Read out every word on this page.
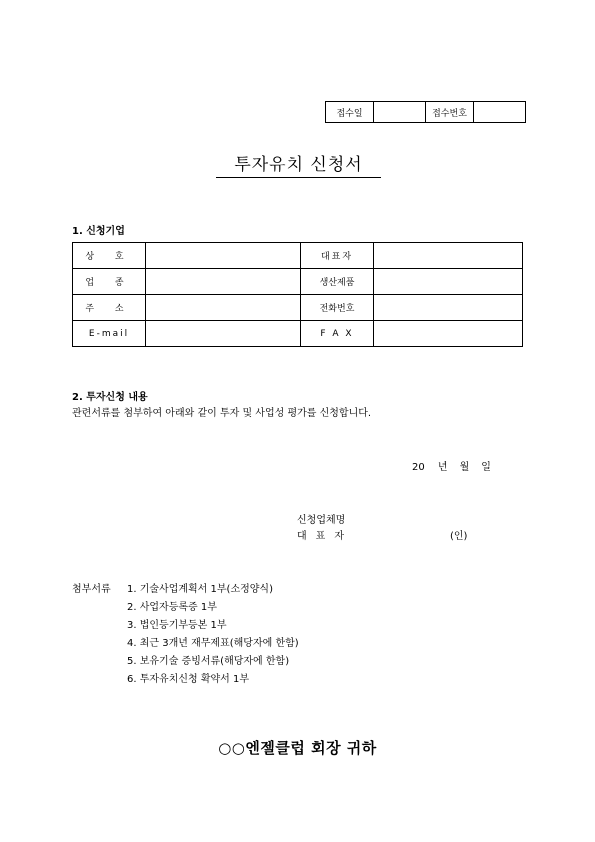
접수일		접수번호	
투자유치 신청서
1. 신청기업
상 호		대표자	
업 종		생산제품	
주 소		전화번호	
E-mail		F A X	
2. 투자신청 내용
관련서류를 첨부하여 아래와 같이 투자 및 사업성 평가를 신청합니다.
20 년 월 일
신청업체명
대표자	(인)
첨부서류 1. 기술사업계획서 1부(소정양식)
2. 사업자등록증 1부
3. 법인등기부등본 1부
4. 최근 3개년 재무제표(해당자에 한함)
5. 보유기술 증빙서류(해당자에 한함)
6. 투자유치신청 확약서 1부
○○엔젤클럽 회장 귀하
